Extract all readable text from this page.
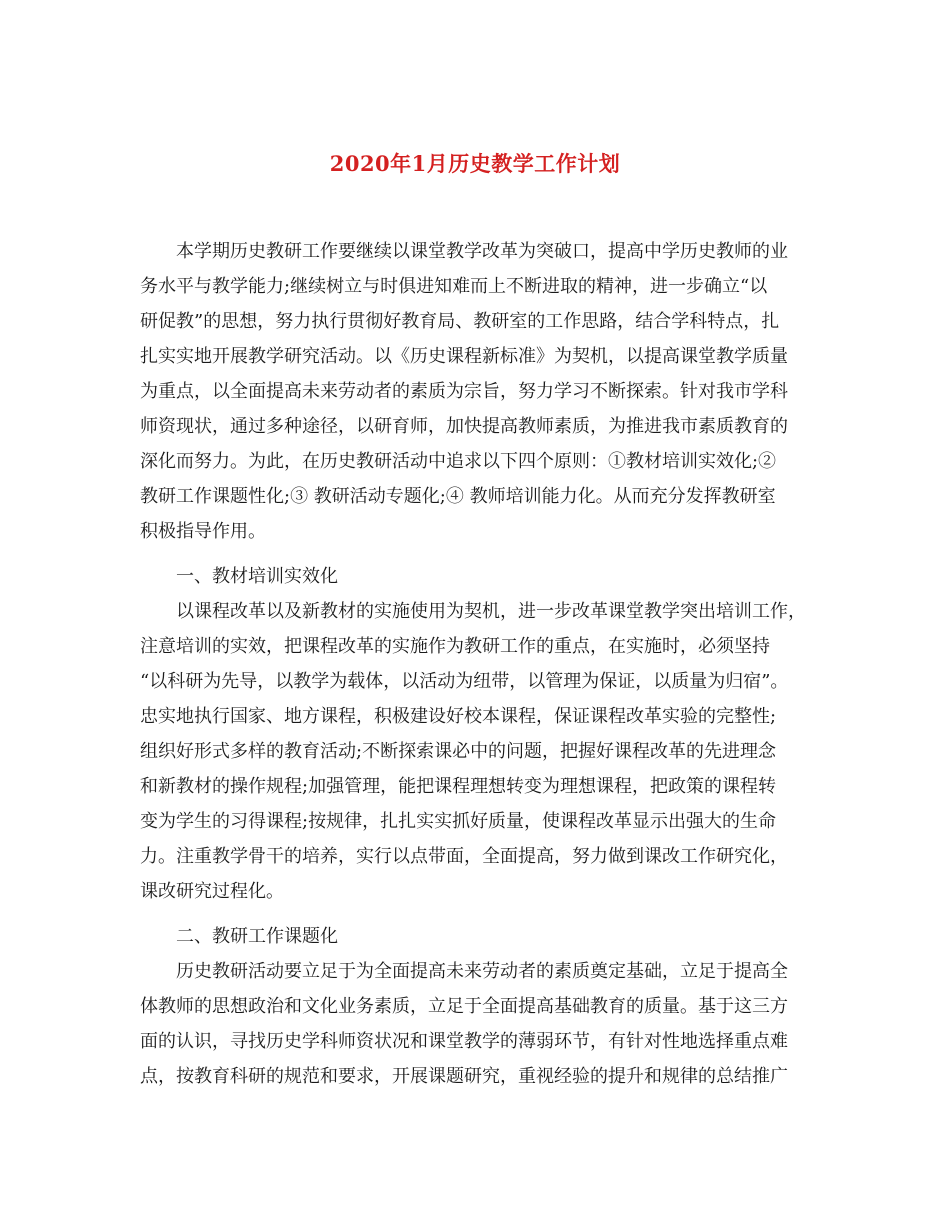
2020年1月历史教学工作计划
本学期历史教研工作要继续以课堂教学改革为突破口，提高中学历史教师的业
务水平与教学能力;继续树立与时俱进知难而上不断进取的精神，进一步确立“以
研促教”的思想，努力执行贯彻好教育局、教研室的工作思路，结合学科特点，扎
扎实实地开展教学研究活动。以《历史课程新标准》为契机，以提高课堂教学质量
为重点，以全面提高未来劳动者的素质为宗旨，努力学习不断探索。针对我市学科
师资现状，通过多种途径，以研育师，加快提高教师素质，为推进我市素质教育的
深化而努力。为此，在历史教研活动中追求以下四个原则：①教材培训实效化;②
教研工作课题性化;③ 教研活动专题化;④ 教师培训能力化。从而充分发挥教研室
积极指导作用。
一、教材培训实效化
以课程改革以及新教材的实施使用为契机，进一步改革课堂教学突出培训工作，
注意培训的实效，把课程改革的实施作为教研工作的重点，在实施时，必须坚持
“以科研为先导，以教学为载体，以活动为纽带，以管理为保证，以质量为归宿”。
忠实地执行国家、地方课程，积极建设好校本课程，保证课程改革实验的完整性;
组织好形式多样的教育活动;不断探索课必中的问题，把握好课程改革的先进理念
和新教材的操作规程;加强管理，能把课程理想转变为理想课程，把政策的课程转
变为学生的习得课程;按规律，扎扎实实抓好质量，使课程改革显示出强大的生命
力。注重教学骨干的培养，实行以点带面，全面提高，努力做到课改工作研究化，
课改研究过程化。
二、教研工作课题化
历史教研活动要立足于为全面提高未来劳动者的素质奠定基础，立足于提高全
体教师的思想政治和文化业务素质，立足于全面提高基础教育的质量。基于这三方
面的认识，寻找历史学科师资状况和课堂教学的薄弱环节，有针对性地选择重点难
点，按教育科研的规范和要求，开展课题研究，重视经验的提升和规律的总结推广
